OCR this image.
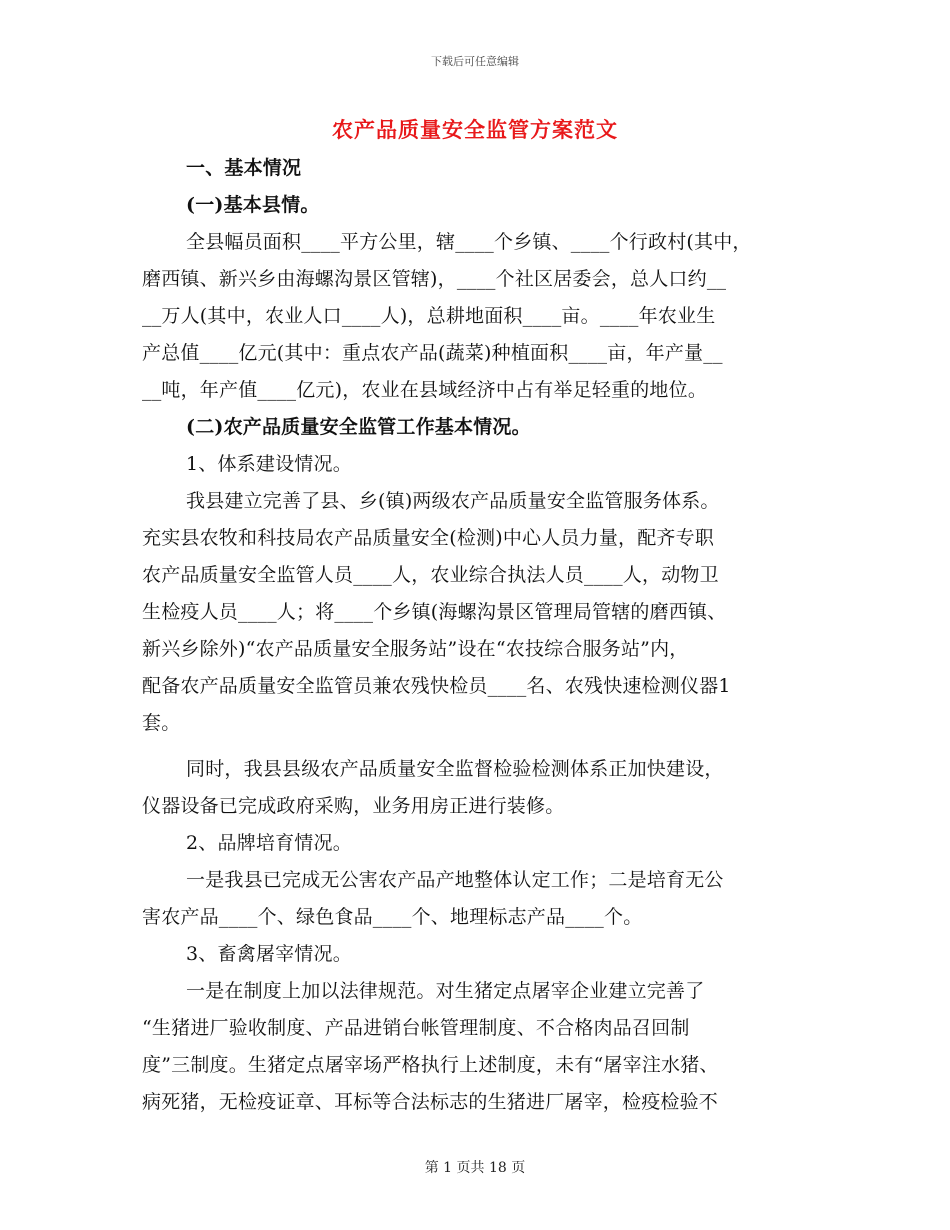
下载后可任意编辑
农产品质量安全监管方案范文
一、基本情况
(一)基本县情。
全县幅员面积____平方公里，辖____个乡镇、____个行政村(其中，
磨西镇、新兴乡由海螺沟景区管辖)，____个社区居委会，总人口约__
__万人(其中，农业人口____人)，总耕地面积____亩。____年农业生
产总值____亿元(其中：重点农产品(蔬菜)种植面积____亩，年产量__
__吨，年产值____亿元)，农业在县域经济中占有举足轻重的地位。
(二)农产品质量安全监管工作基本情况。
1、体系建设情况。
我县建立完善了县、乡(镇)两级农产品质量安全监管服务体系。
充实县农牧和科技局农产品质量安全(检测)中心人员力量，配齐专职
农产品质量安全监管人员____人，农业综合执法人员____人，动物卫
生检疫人员____人；将____个乡镇(海螺沟景区管理局管辖的磨西镇、
新兴乡除外)“农产品质量安全服务站”设在“农技综合服务站”内，
配备农产品质量安全监管员兼农残快检员____名、农残快速检测仪器1
套。
同时，我县县级农产品质量安全监督检验检测体系正加快建设，
仪器设备已完成政府采购，业务用房正进行装修。
2、品牌培育情况。
一是我县已完成无公害农产品产地整体认定工作；二是培育无公
害农产品____个、绿色食品____个、地理标志产品____个。
3、畜禽屠宰情况。
一是在制度上加以法律规范。对生猪定点屠宰企业建立完善了
“生猪进厂验收制度、产品进销台帐管理制度、不合格肉品召回制
度”三制度。生猪定点屠宰场严格执行上述制度，未有“屠宰注水猪、
病死猪，无检疫证章、耳标等合法标志的生猪进厂屠宰，检疫检验不
第 1 页共 18 页
